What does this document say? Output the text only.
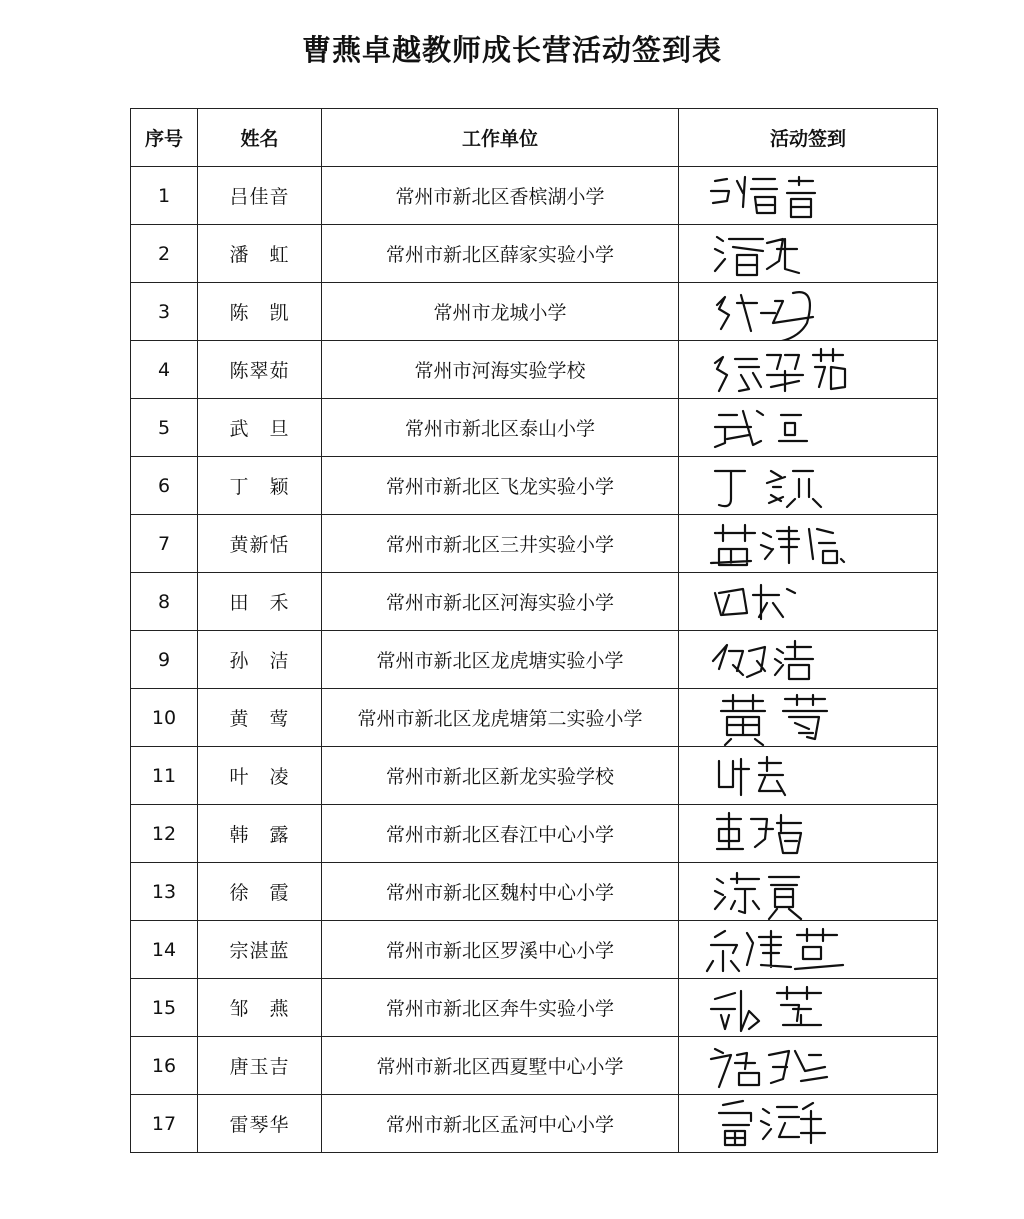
曹燕卓越教师成长营活动签到表
序号	姓名	工作单位	活动签到
1	吕佳音	常州市新北区香槟湖小学	

2	潘　虹	常州市新北区薛家实验小学	

3	陈　凯	常州市龙城小学	

4	陈翠茹	常州市河海实验学校	

5	武　旦	常州市新北区泰山小学	

6	丁　颖	常州市新北区飞龙实验小学	

7	黄新恬	常州市新北区三井实验小学	

8	田　禾	常州市新北区河海实验小学	

9	孙　洁	常州市新北区龙虎塘实验小学	

10	黄　莺	常州市新北区龙虎塘第二实验小学	

11	叶　凌	常州市新北区新龙实验学校	

12	韩　露	常州市新北区春江中心小学	

13	徐　霞	常州市新北区魏村中心小学	

14	宗湛蓝	常州市新北区罗溪中心小学	

15	邹　燕	常州市新北区奔牛实验小学	

16	唐玉吉	常州市新北区西夏墅中心小学	

17	雷琴华	常州市新北区孟河中心小学	
